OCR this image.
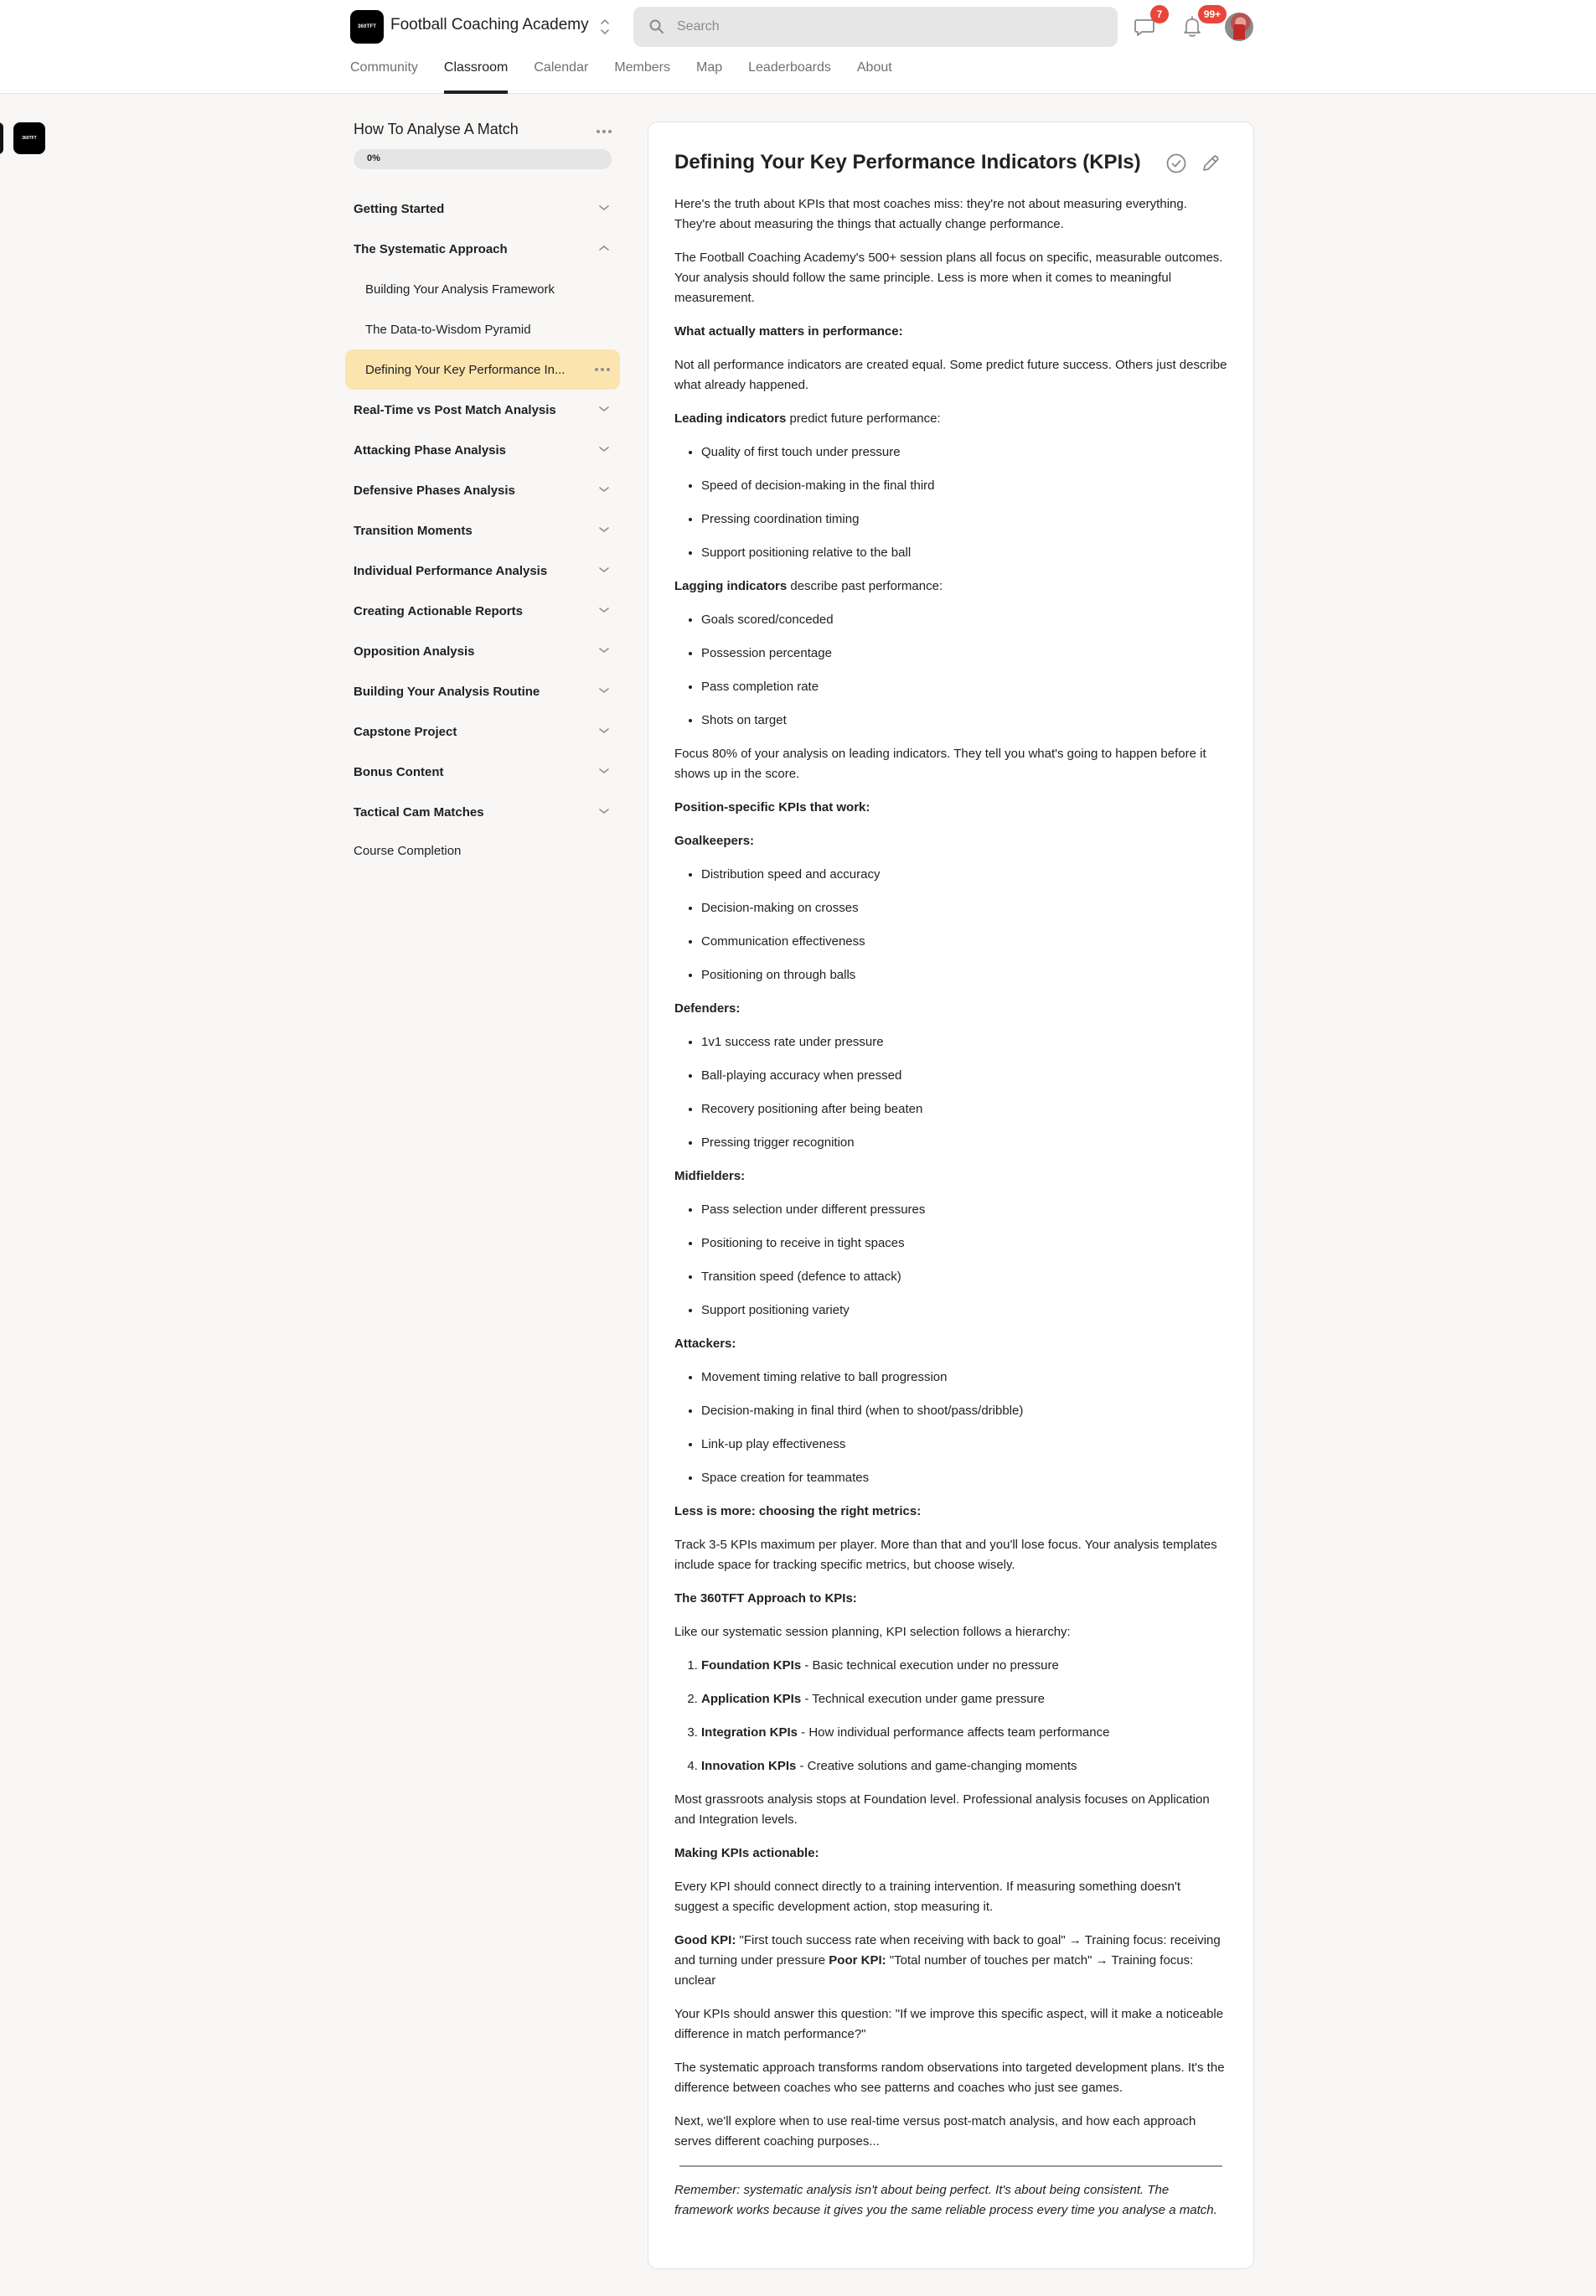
360TFT Football Coaching Academy
Search
7	99+
Community Classroom Calendar Members Map Leaderboards About
360TFT
How To Analyse A Match
0%
Getting Started
The Systematic Approach
Building Your Analysis Framework
The Data-to-Wisdom Pyramid
Defining Your Key Performance In...
Real-Time vs Post Match Analysis
Attacking Phase Analysis
Defensive Phases Analysis
Transition Moments
Individual Performance Analysis
Creating Actionable Reports
Opposition Analysis
Building Your Analysis Routine
Capstone Project
Bonus Content
Tactical Cam Matches
Course Completion
Defining Your Key Performance Indicators (KPIs)

Here's the truth about KPIs that most coaches miss: they're not about measuring everything. They're about measuring the things that actually change performance.

The Football Coaching Academy's 500+ session plans all focus on specific, measurable outcomes. Your analysis should follow the same principle. Less is more when it comes to meaningful measurement.

What actually matters in performance:

Not all performance indicators are created equal. Some predict future success. Others just describe what already happened.

Leading indicators predict future performance:

• Quality of first touch under pressure
• Speed of decision-making in the final third
• Pressing coordination timing
• Support positioning relative to the ball

Lagging indicators describe past performance:

• Goals scored/conceded
• Possession percentage
• Pass completion rate
• Shots on target

Focus 80% of your analysis on leading indicators. They tell you what's going to happen before it shows up in the score.

Position-specific KPIs that work:

Goalkeepers:

• Distribution speed and accuracy
• Decision-making on crosses
• Communication effectiveness
• Positioning on through balls

Defenders:

• 1v1 success rate under pressure
• Ball-playing accuracy when pressed
• Recovery positioning after being beaten
• Pressing trigger recognition

Midfielders:

• Pass selection under different pressures
• Positioning to receive in tight spaces
• Transition speed (defence to attack)
• Support positioning variety

Attackers:

• Movement timing relative to ball progression
• Decision-making in final third (when to shoot/pass/dribble)
• Link-up play effectiveness
• Space creation for teammates

Less is more: choosing the right metrics:

Track 3-5 KPIs maximum per player. More than that and you'll lose focus. Your analysis templates include space for tracking specific metrics, but choose wisely.

The 360TFT Approach to KPIs:

Like our systematic session planning, KPI selection follows a hierarchy:

1. Foundation KPIs - Basic technical execution under no pressure
2. Application KPIs - Technical execution under game pressure
3. Integration KPIs - How individual performance affects team performance
4. Innovation KPIs - Creative solutions and game-changing moments

Most grassroots analysis stops at Foundation level. Professional analysis focuses on Application and Integration levels.

Making KPIs actionable:

Every KPI should connect directly to a training intervention. If measuring something doesn't suggest a specific development action, stop measuring it.

Good KPI: "First touch success rate when receiving with back to goal" → Training focus: receiving and turning under pressure Poor KPI: "Total number of touches per match" → Training focus: unclear

Your KPIs should answer this question: "If we improve this specific aspect, will it make a noticeable difference in match performance?"

The systematic approach transforms random observations into targeted development plans. It's the difference between coaches who see patterns and coaches who just see games.

Next, we'll explore when to use real-time versus post-match analysis, and how each approach serves different coaching purposes...

Remember: systematic analysis isn't about being perfect. It's about being consistent. The framework works because it gives you the same reliable process every time you analyse a match.
